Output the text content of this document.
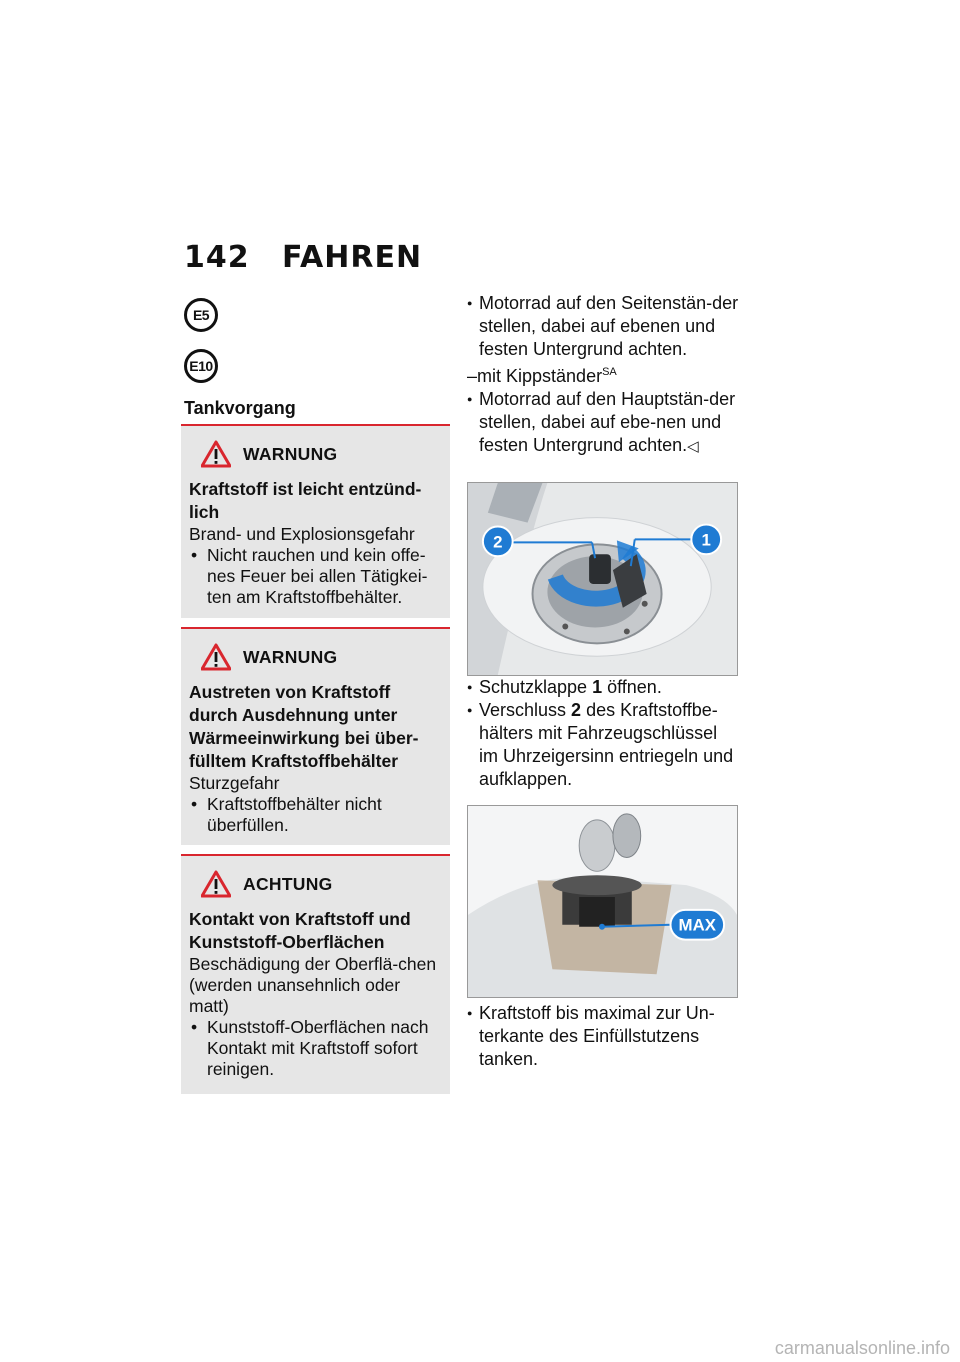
142 FAHREN
E5
E10
Tankvorgang
WARNUNG
Kraftstoff ist leicht entzünd-lich
Brand- und Explosionsgefahr
• Nicht rauchen und kein offe-nes Feuer bei allen Tätigkei-ten am Kraftstoffbehälter.
WARNUNG
Austreten von Kraftstoff durch Ausdehnung unter Wärmeeinwirkung bei über-fülltem Kraftstoffbehälter
Sturzgefahr
• Kraftstoffbehälter nicht überfüllen.
ACHTUNG
Kontakt von Kraftstoff und Kunststoff-Oberflächen
Beschädigung der Oberflä-chen (werden unansehnlich oder matt)
• Kunststoff-Oberflächen nach Kontakt mit Kraftstoff sofort reinigen.

● Motorrad auf den Seitenstän-der stellen, dabei auf ebenen und festen Untergrund achten.

–mit Kippständer$^{SA}$

● Motorrad auf den Hauptstän-der stellen, dabei auf ebe-nen und festen Untergrund achten.◁

2	1

● Schutzklappe 1 öffnen.

● Verschluss 2 des Kraftstoffbe-hälters mit Fahrzeugschlüssel im Uhrzeigersinn entriegeln und aufklappen.

MAX

● Kraftstoff bis maximal zur Un-terkante des Einfüllstutzens tanken.

carmanualsonline.info
